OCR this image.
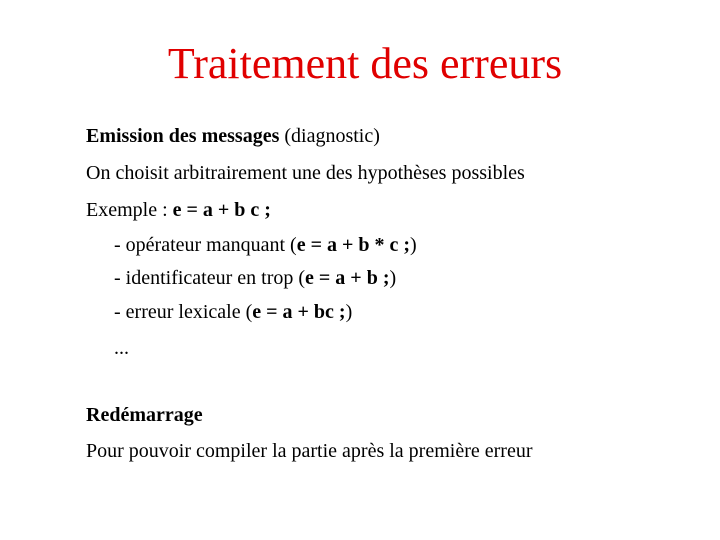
Traitement des erreurs
Emission des messages (diagnostic)
On choisit arbitrairement une des hypothèses possibles
Exemple : e = a + b c ;
- opérateur manquant (e = a + b * c ;)
- identificateur en trop (e = a + b ;)
- erreur lexicale (e = a + bc ;)
...
Redémarrage
Pour pouvoir compiler la partie après la première erreur
